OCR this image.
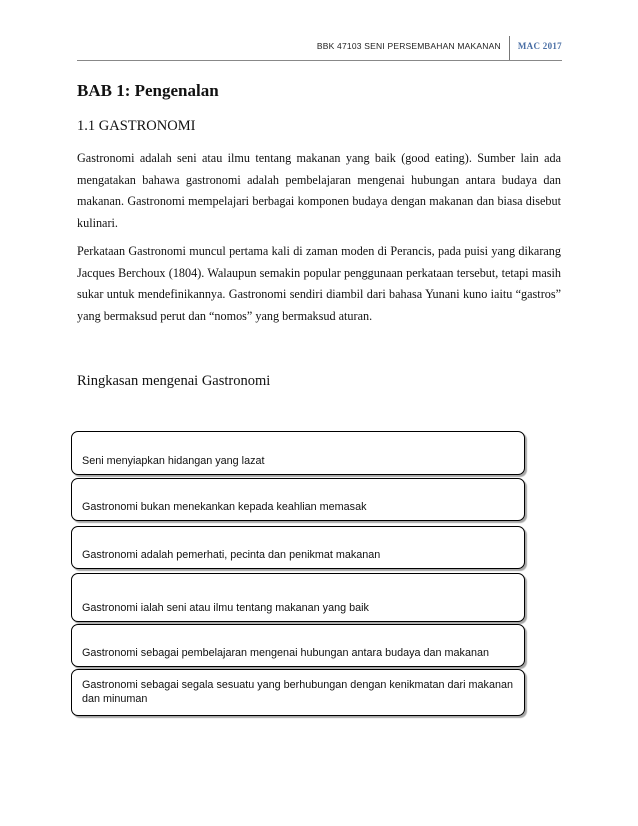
BBK 47103 SENI PERSEMBAHAN MAKANAN	MAC 2017
BAB 1: Pengenalan
1.1 GASTRONOMI

Gastronomi adalah seni atau ilmu tentang makanan yang baik (good eating). Sumber lain ada mengatakan bahawa gastronomi adalah pembelajaran mengenai hubungan antara budaya dan makanan. Gastronomi mempelajari berbagai komponen budaya dengan makanan dan biasa disebut kulinari.

Perkataan Gastronomi muncul pertama kali di zaman moden di Perancis, pada puisi yang dikarang Jacques Berchoux (1804). Walaupun semakin popular penggunaan perkataan tersebut, tetapi masih sukar untuk mendefinikannya. Gastronomi sendiri diambil dari bahasa Yunani kuno iaitu “gastros” yang bermaksud perut dan “nomos” yang bermaksud aturan.

Ringkasan mengenai Gastronomi
Seni menyiapkan hidangan yang lazat
Gastronomi bukan menekankan kepada keahlian memasak
Gastronomi adalah pemerhati, pecinta dan penikmat makanan
Gastronomi ialah seni atau ilmu tentang makanan yang baik
Gastronomi sebagai pembelajaran mengenai hubungan antara budaya dan makanan
Gastronomi sebagai segala sesuatu yang berhubungan dengan kenikmatan dari makanan dan minuman
